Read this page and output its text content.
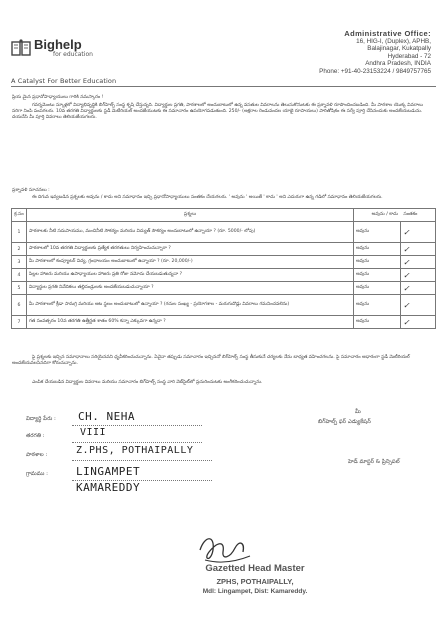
Bighelp
for education
A Catalyst For Better Education
Administrative Office:
16, HIG-I, (Duplex), APHB,
Balajinagar, Kukatpally
Hyderabad - 72
Andhra Pradesh, INDIA
Phone: +91-40-23153224 / 9849757765
ప్రియ మైన ప్రధానోపాధ్యాయులు గారికి నమస్కారం !
గవర్నమెంటు స్కూళ్లలో విద్యాభివృద్ధికి బిగ్‌హెల్ప్ సంస్థ కృషి చేస్తున్నది. విద్యార్థుల ప్రగతి, పాఠశాలలో అందుబాటులో ఉన్న వసతుల వివరాలను తెలుసుకొనుటకు ఈ ప్రశ్నావళి రూపొందించబడింది. మీ పాఠశాల యొక్క వివరాలు సరిగా నింపి పంపగలరు. 10వ తరగతి విద్యార్థులకు స్టడీ మెటీరియల్ అందజేయుటకు ఈ సమాచారం ఉపయోగపడుతుంది. 250/- (అక్షరాల రెండువందల యాభై రూపాయలు) పారితోషికం ఈ సర్వే పూర్తి చేసినందుకు అందజేయబడును. దయచేసి మీ పూర్తి వివరాలు తెలియజేయగలరు.
ప్రశ్నావళి సూచనలు :
ఈ దిగువ ఇవ్వబడిన ప్రశ్నలకు అవును / కాదు అని సమాధానం ఇచ్చి ప్రధానోపాధ్యాయులు సంతకం చేయగలరు. ' అవును ' అయితే ' కాదు ' అని ఎదురుగా ఉన్న గడిలో సమాధానం తెలియజేయగలరు.
క్ర.సం	ప్రశ్నలు	అవును / కాదు సంతకం	
1	పాఠశాలకు నీటి సదుపాయము, మంచినీటి సౌకర్యం మరియు విద్యుత్ సౌకర్యం అందుబాటులో ఉన్నాయా ? (రూ. 5000/- లోపు)	అవును	✓
2	పాఠశాలలో 10వ తరగతి విద్యార్థులకు ప్రత్యేక తరగతులు నిర్వహించుచున్నారా ?	అవును	✓
3	మీ పాఠశాలలో కంప్యూటర్ విద్య, గ్రంథాలయం అందుబాటులో ఉన్నాయా ? (రూ. 20,000/-)	అవును	✓
4	పిల్లల హాజరు మరియు ఉపాధ్యాయుల హాజరు ప్రతి రోజు నమోదు చేయబడుతున్నదా ?	అవును	✓
5	విద్యార్థుల ప్రగతి నివేదికలు తల్లిదండ్రులకు అందజేయబడుచున్నాయా ?	అవును	✓
6	మీ పాఠశాలలో క్రీడా సామగ్రి మరియు ఆట స్థలం అందుబాటులో ఉన్నాయా ? (గదుల సంఖ్య - ప్రయోగశాల - మరుగుదొడ్లు వివరాలు గమనించవలెను)	అవును	✓
7	గత సంవత్సరం 10వ తరగతి ఉత్తీర్ణత శాతం 60% కన్నా ఎక్కువగా ఉన్నదా ?	అవును	✓
పై ప్రశ్నలకు ఇచ్చిన సమాధానాలు సరియైనవని ధృవీకరించుచున్నాను. ఏవైనా తప్పుడు సమాచారం ఇచ్చినచో బిగ్‌హెల్ప్ సంస్థ తీసుకునే చర్యలకు నేను బాధ్యత వహించగలను. పై సమాచారం ఆధారంగా స్టడీ మెటీరియల్ అందజేయవలసినదిగా కోరుచున్నాను.
ఎంపిక చేయబడిన విద్యార్థుల వివరాలు మరియు సమాచారం బిగ్‌హెల్ప్ సంస్థ వారి వెబ్‌సైట్‌లో ప్రచురించుటకు అంగీకరించుచున్నాను.
మీ
బిగ్‌హెల్ప్ ఫర్ ఎడ్యుకేషన్
విద్యార్థి పేరు : CH. NEHA
తరగతి :	VIII
పాఠశాల :	Z.PHS, POTHAIPALLY
గ్రామము :	LINGAMPET
KAMAREDDY
హెడ్ మాస్టర్ & ప్రిన్సిపల్
Gazetted Head Master
ZPHS, POTHAIPALLY,
Mdl: Lingampet, Dist: Kamareddy.
